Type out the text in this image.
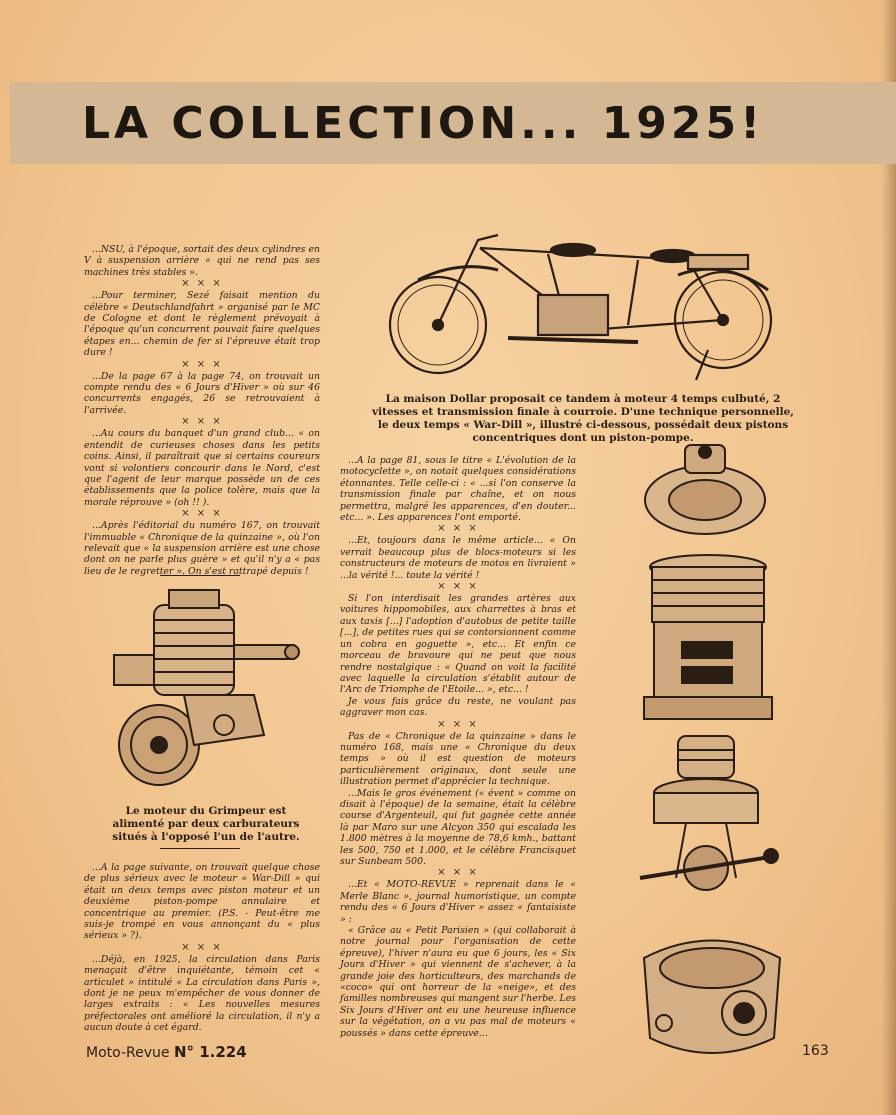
LA COLLECTION... 1925!

...NSU, à l'époque, sortait des deux cylindres en V à suspension arrière « qui ne rend pas ses machines très stables ».

× × ×

...Pour terminer, Sezé faisait mention du célèbre « Deutschlandfahrt » organisé par le MC de Cologne et dont le règlement prévoyait à l'époque qu'un concurrent pouvait faire quelques étapes en... chemin de fer si l'épreuve était trop dure !

× × ×

...De la page 67 à la page 74, on trouvait un compte rendu des « 6 Jours d'Hiver » où sur 46 concurrents engagés, 26 se retrouvaient à l'arrivée.

× × ×

...Au cours du banquet d'un grand club... « on entendit de curieuses choses dans les petits coins. Ainsi, il paraîtrait que si certains coureurs vont si volontiers concourir dans le Nord, c'est que l'agent de leur marque possède un de ces établissements que la police tolère, mais que la morale réprouve » (oh !! ).

× × ×

...Après l'éditorial du numéro 167, on trouvait l'immuable « Chronique de la quinzaine », où l'on relevait que « la suspension arrière est une chose dont on ne parle plus guère » et qu'il n'y a « pas lieu de le regretter ». On s'est rattrapé depuis !

Le moteur du Grimpeur est alimenté par deux carburateurs situés à l'opposé l'un de l'autre.

...A la page suivante, on trouvait quelque chose de plus sérieux avec le moteur « War-Dill » qui était un deux temps avec piston moteur et un deuxième piston-pompe annulaire et concentrique au premier. (P.S. - Peut-être me suis-je trompé en vous annonçant du « plus sérieux » ?).

× × ×

...Déjà, en 1925, la circulation dans Paris menaçait d'être inquiétante, témoin cet « articulet » intitulé « La circulation dans Paris », dont je ne peux m'empêcher de vous donner de larges extraits : « Les nouvelles mesures préfectorales ont amélioré la circulation, il n'y a aucun doute à cet égard.

La maison Dollar proposait ce tandem à moteur 4 temps culbuté, 2 vitesses et transmission finale à courroie. D'une technique personnelle, le deux temps « War-Dill », illustré ci-dessous, possédait deux pistons concentriques dont un piston-pompe.

...A la page 81, sous le titre « L'évolution de la motocyclette », on notait quelques considérations étonnantes. Telle celle-ci : « ...si l'on conserve la transmission finale par chaîne, et on nous permettra, malgré les apparences, d'en douter... etc... ». Les apparences l'ont emporté.

× × ×

...Et, toujours dans le même article... « On verrait beaucoup plus de blocs-moteurs si les constructeurs de moteurs de motos en livraient » ...la vérité !... toute la vérité !

× × ×

Si l'on interdisait les grandes artères aux voitures hippomobiles, aux charrettes à bras et aux taxis [...] l'adoption d'autobus de petite taille [...], de petites rues qui se contorsionnent comme un cobra en goguette », etc... Et enfin ce morceau de bravoure qui ne peut que nous rendre nostalgique : « Quand on voit la facilité avec laquelle la circulation s'établit autour de l'Arc de Triomphe de l'Etoile... », etc... !

Je vous fais grâce du reste, ne voulant pas aggraver mon cas.

× × ×

Pas de « Chronique de la quinzaine » dans le numéro 168, mais une « Chronique du deux temps » où il est question de moteurs particulièrement originaux, dont seule une illustration permet d'apprécier la technique.

...Mais le gros événement (« évent » comme on disait à l'époque) de la semaine, était la célèbre course d'Argenteuil, qui fut gagnée cette année là par Maro sur une Alcyon 350 qui escalada les 1.800 mètres à la moyenne de 78,6 kmh., battant les 500, 750 et 1.000, et le célèbre Francisquet sur Sunbeam 500.

× × ×

...Et « MOTO-REVUE » reprenait dans le « Merle Blanc », journal humoristique, un compte rendu des « 6 Jours d'Hiver » assez « fantaisiste » :

« Grâce au « Petit Parisien » (qui collaborait à notre journal pour l'organisation de cette épreuve), l'hiver n'aura eu que 6 jours, les « Six Jours d'Hiver » qui viennent de s'achever, à la grande joie des horticulteurs, des marchands de «coco» qui ont horreur de la «neige», et des familles nombreuses qui mangent sur l'herbe. Les Six Jours d'Hiver ont eu une heureuse influence sur la végétation, on a vu pas mal de moteurs « poussés » dans cette épreuve...

Moto-Revue N° 1.224	163
